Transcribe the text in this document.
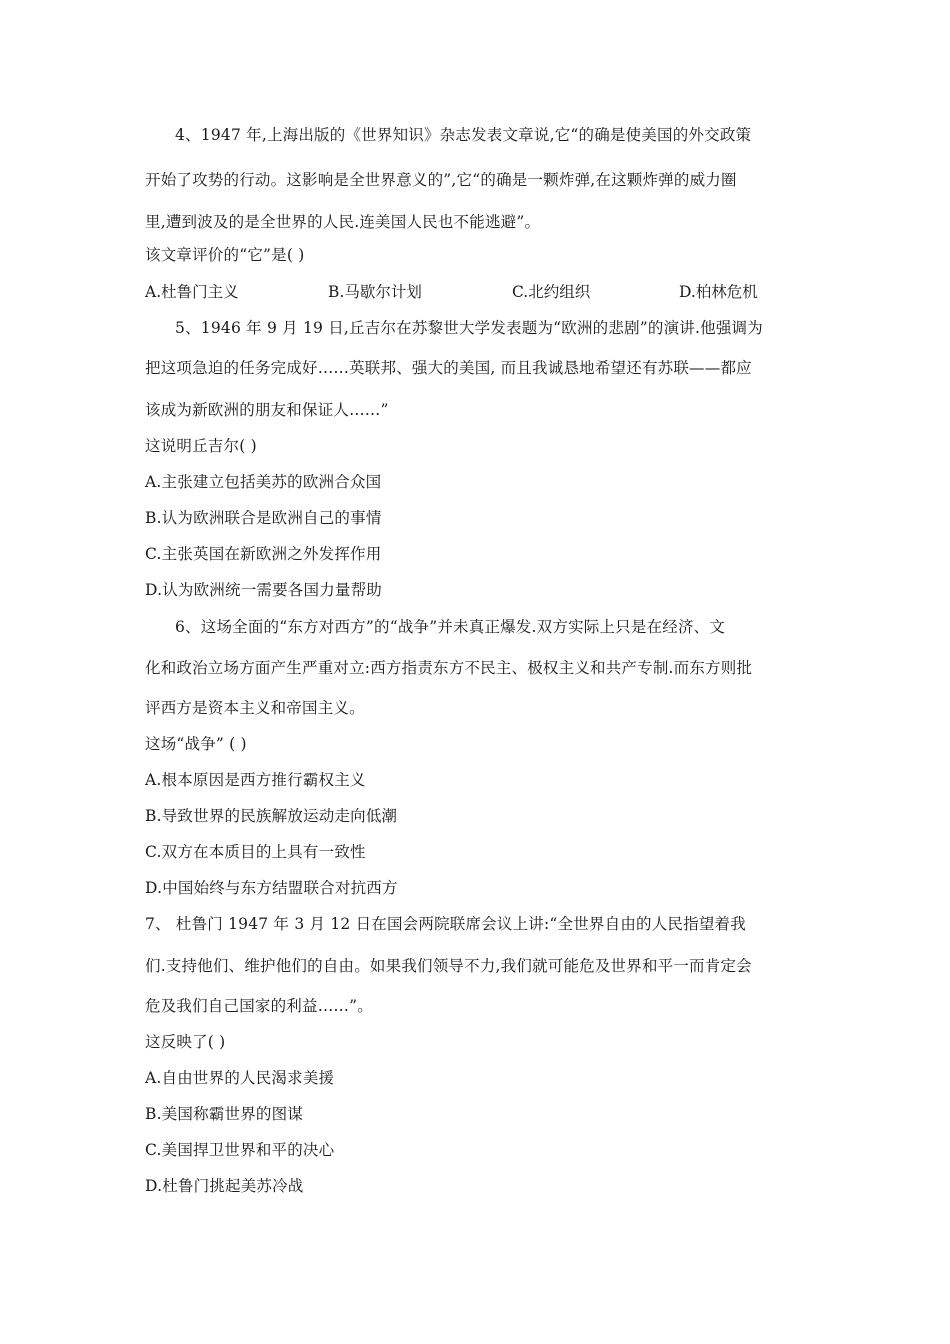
4、1947 年,上海出版的《世界知识》杂志发表文章说,它“的确是使美国的外交政策
开始了攻势的行动。这影响是全世界意义的”,它“的确是一颗炸弹,在这颗炸弹的威力圈
里,遭到波及的是全世界的人民.连美国人民也不能逃避”。
该文章评价的“它”是( )
A.杜鲁门主义	B.马歇尔计划	C.北约组织	D.柏林危机
5、1946 年 9 月 19 日,丘吉尔在苏黎世大学发表题为“欧洲的悲剧”的演讲.他强调为
把这项急迫的任务完成好……英联邦、强大的美国, 而且我诚恳地希望还有苏联——都应
该成为新欧洲的朋友和保证人……”
这说明丘吉尔( )
A.主张建立包括美苏的欧洲合众国
B.认为欧洲联合是欧洲自己的事情
C.主张英国在新欧洲之外发挥作用
D.认为欧洲统一需要各国力量帮助
6、这场全面的“东方对西方”的“战争”并未真正爆发.双方实际上只是在经济、文
化和政治立场方面产生严重对立:西方指责东方不民主、极权主义和共产专制.而东方则批
评西方是资本主义和帝国主义。
这场“战争” ( )
A.根本原因是西方推行霸权主义
B.导致世界的民族解放运动走向低潮
C.双方在本质目的上具有一致性
D.中国始终与东方结盟联合对抗西方
7、 杜鲁门 1947 年 3 月 12 日在国会两院联席会议上讲:“全世界自由的人民指望着我
们.支持他们、维护他们的自由。如果我们领导不力,我们就可能危及世界和平一而肯定会
危及我们自己国家的利益……”。
这反映了( )
A.自由世界的人民渴求美援
B.美国称霸世界的图谋
C.美国捍卫世界和平的决心
D.杜鲁门挑起美苏冷战
